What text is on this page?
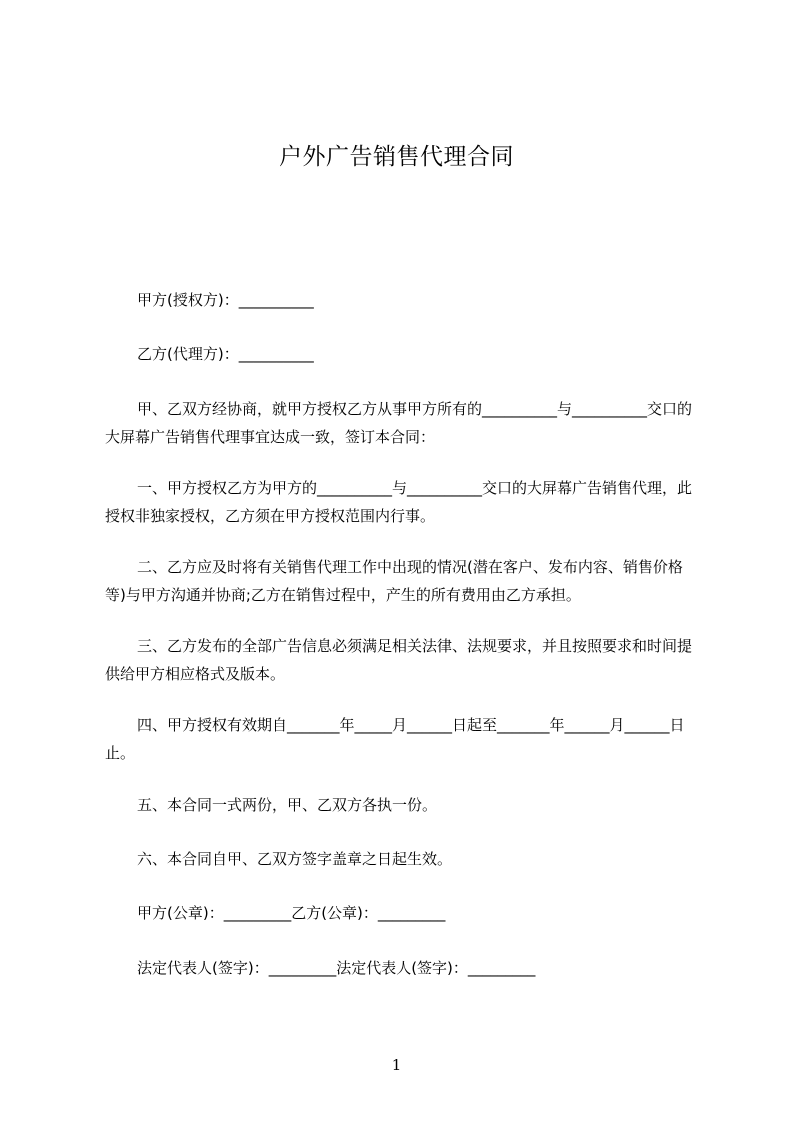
户外广告销售代理合同

甲方(授权方)：__________

乙方(代理方)：__________

甲、乙双方经协商，就甲方授权乙方从事甲方所有的__________与__________交口的大屏幕广告销售代理事宜达成一致，签订本合同：

一、甲方授权乙方为甲方的__________与__________交口的大屏幕广告销售代理，此授权非独家授权，乙方须在甲方授权范围内行事。

二、乙方应及时将有关销售代理工作中出现的情况(潜在客户、发布内容、销售价格等)与甲方沟通并协商;乙方在销售过程中，产生的所有费用由乙方承担。

三、乙方发布的全部广告信息必须满足相关法律、法规要求，并且按照要求和时间提供给甲方相应格式及版本。

四、甲方授权有效期自_______年_____月______日起至_______年______月______日止。

五、本合同一式两份，甲、乙双方各执一份。

六、本合同自甲、乙双方签字盖章之日起生效。

甲方(公章)：_________乙方(公章)：_________

法定代表人(签字)：_________法定代表人(签字)：_________

1
